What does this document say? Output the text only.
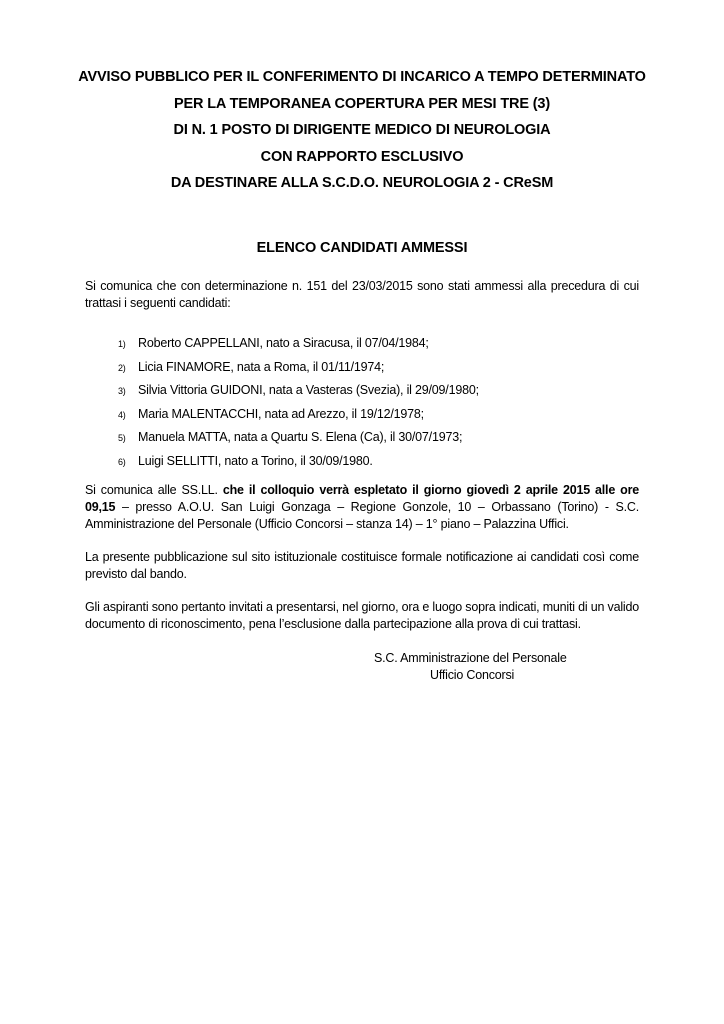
AVVISO PUBBLICO PER IL CONFERIMENTO DI INCARICO A TEMPO DETERMINATO
PER LA TEMPORANEA COPERTURA PER MESI TRE (3)
DI N. 1 POSTO DI DIRIGENTE MEDICO DI NEUROLOGIA
CON RAPPORTO ESCLUSIVO
DA DESTINARE ALLA S.C.D.O. NEUROLOGIA 2 - CReSM
ELENCO CANDIDATI AMMESSI
Si comunica che con determinazione n. 151 del 23/03/2015 sono stati ammessi alla precedura di cui trattasi i seguenti candidati:
1) Roberto CAPPELLANI, nato a Siracusa, il 07/04/1984;
2) Licia FINAMORE, nata a Roma, il 01/11/1974;
3) Silvia Vittoria GUIDONI, nata a Vasteras (Svezia), il 29/09/1980;
4) Maria MALENTACCHI, nata ad Arezzo, il 19/12/1978;
5) Manuela MATTA, nata a Quartu S. Elena (Ca), il 30/07/1973;
6) Luigi SELLITTI, nato a Torino, il 30/09/1980.
Si comunica alle SS.LL. che il colloquio verrà espletato il giorno giovedì 2 aprile 2015 alle ore 09,15 – presso A.O.U. San Luigi Gonzaga – Regione Gonzole, 10 – Orbassano (Torino) - S.C. Amministrazione del Personale (Ufficio Concorsi – stanza 14) – 1° piano – Palazzina Uffici.
La presente pubblicazione sul sito istituzionale costituisce formale notificazione ai candidati così come previsto dal bando.
Gli aspiranti sono pertanto invitati a presentarsi, nel giorno, ora e luogo sopra indicati, muniti di un valido documento di riconoscimento, pena l’esclusione dalla partecipazione alla prova di cui trattasi.
S.C. Amministrazione del Personale
Ufficio Concorsi
